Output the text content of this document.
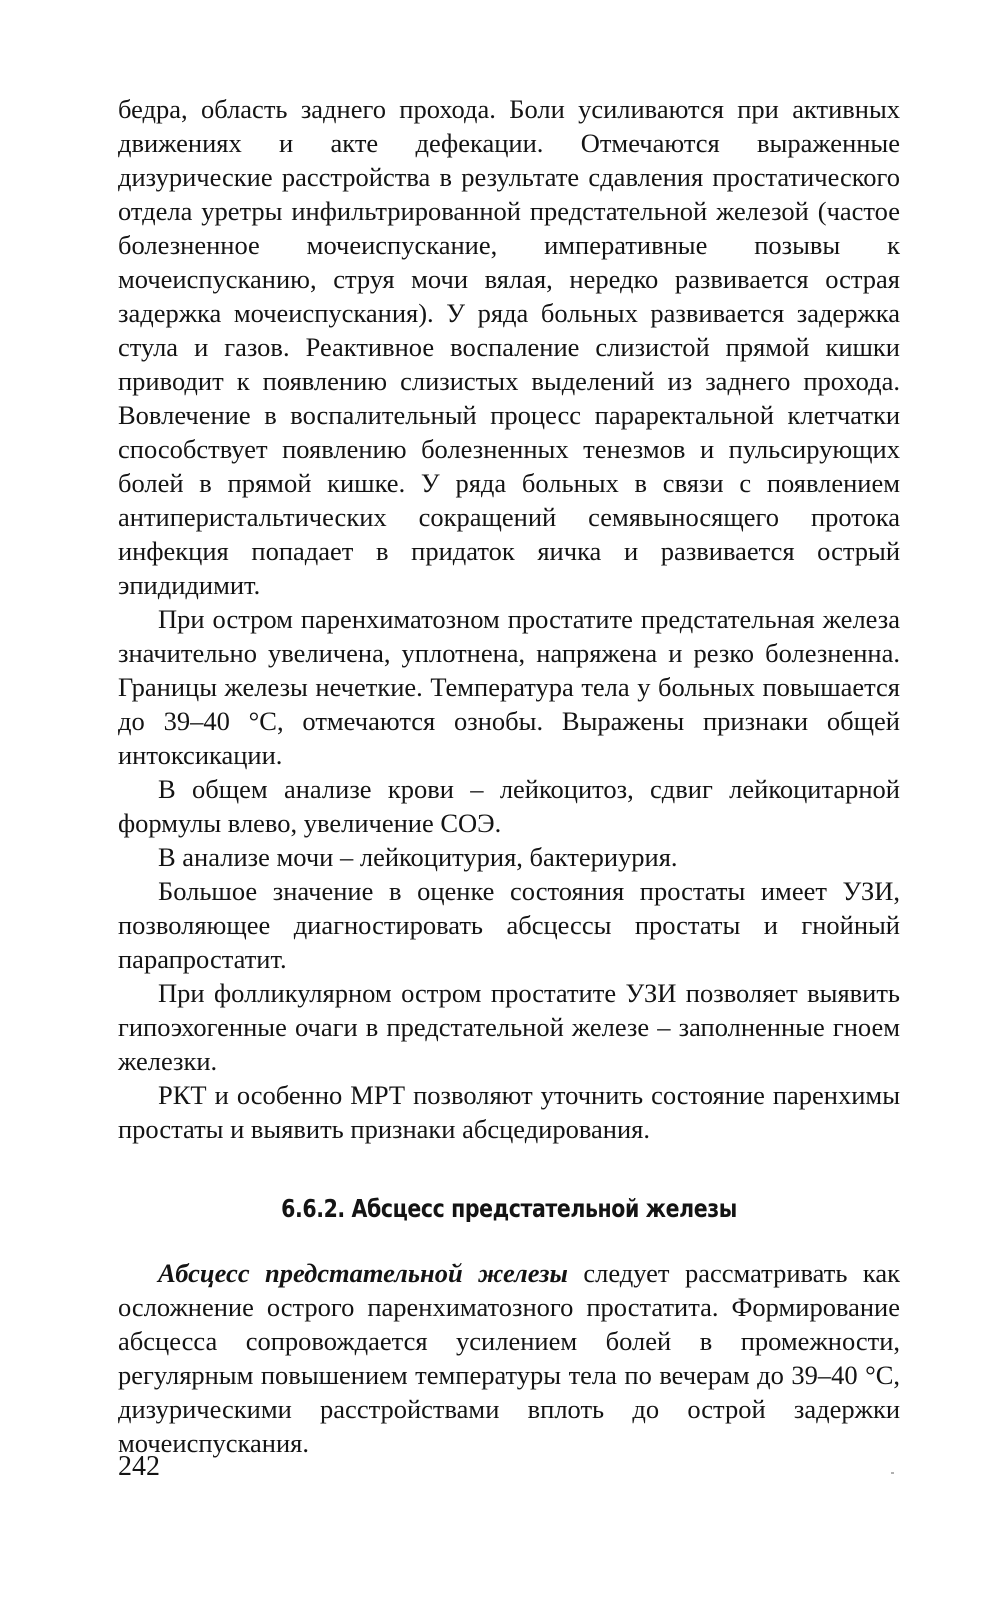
бедра, область заднего прохода. Боли усиливаются при активных движениях и акте дефекации. Отмечаются выраженные дизурические расстройства в результате сдавления простатического отдела уретры инфильтрированной предстательной железой (частое болезненное мочеиспускание, императивные позывы к мочеиспусканию, струя мочи вялая, нередко развивается острая задержка мочеиспускания). У ряда больных развивается задержка стула и газов. Реактивное воспаление слизистой прямой кишки приводит к появлению слизистых выделений из заднего прохода. Вовлечение в воспалительный процесс параректальной клетчатки способствует появлению болезненных тенезмов и пульсирующих болей в прямой кишке. У ряда больных в связи с появлением антиперистальтических сокращений семявыносящего протока инфекция попадает в придаток яичка и развивается острый эпидидимит.

При остром паренхиматозном простатите предстательная железа значительно увеличена, уплотнена, напряжена и резко болезненна. Границы железы нечеткие. Температура тела у больных повышается до 39–40 °С, отмечаются ознобы. Выражены признаки общей интоксикации.

В общем анализе крови – лейкоцитоз, сдвиг лейкоцитарной формулы влево, увеличение СОЭ.

В анализе мочи – лейкоцитурия, бактериурия.

Большое значение в оценке состояния простаты имеет УЗИ, позволяющее диагностировать абсцессы простаты и гнойный парапростатит.

При фолликулярном остром простатите УЗИ позволяет выявить гипоэхогенные очаги в предстательной железе – заполненные гноем железки.

РКТ и особенно МРТ позволяют уточнить состояние паренхимы простаты и выявить признаки абсцедирования.

6.6.2. Абсцесс предстательной железы

Абсцесс предстательной железы следует рассматривать как осложнение острого паренхиматозного простатита. Формирование абсцесса сопровождается усилением болей в промежности, регулярным повышением температуры тела по вечерам до 39–40 °С, дизурическими расстройствами вплоть до острой задержки мочеиспускания.

242
